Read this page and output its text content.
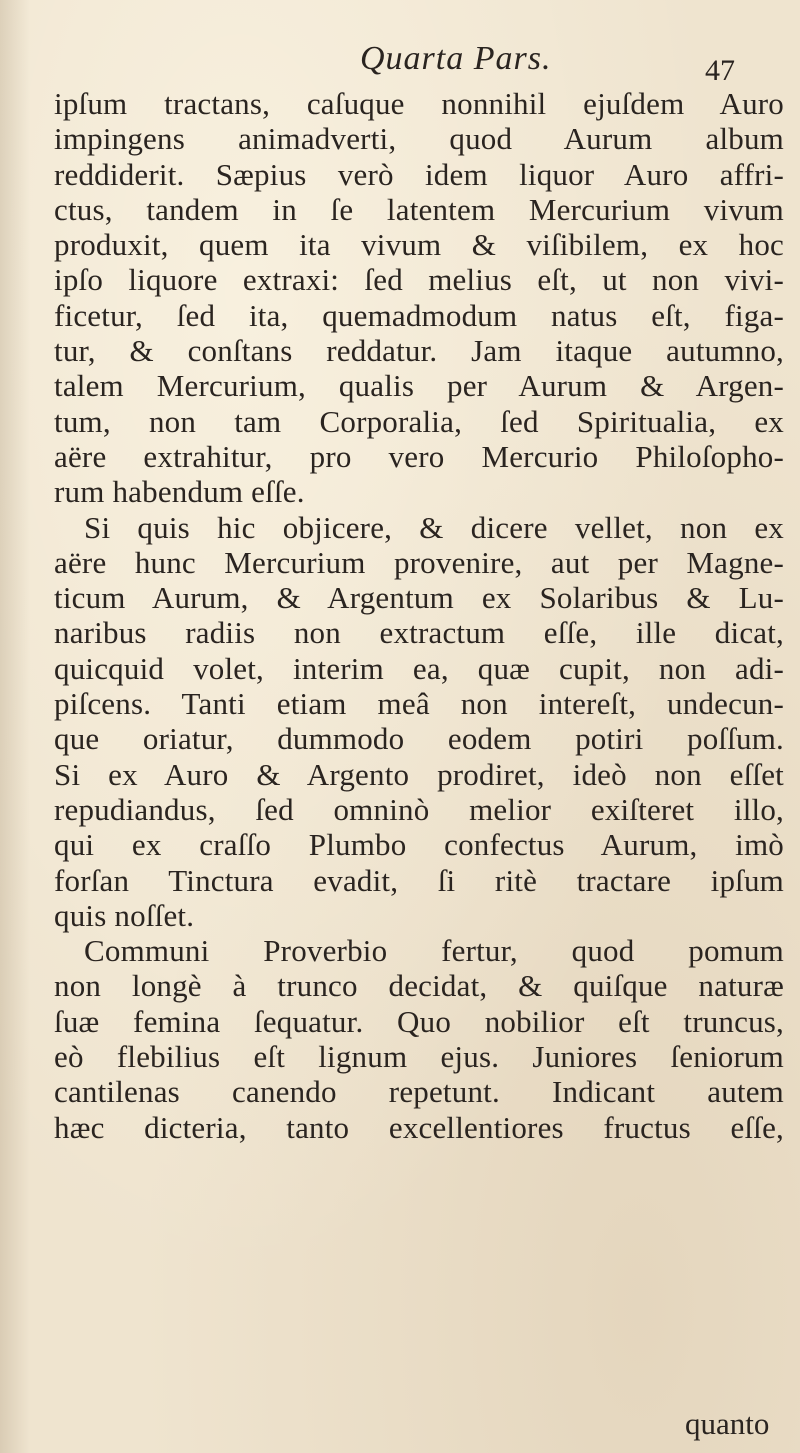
Quarta Pars.	47
ipſum tractans, caſuque nonnihil ejuſdem Auro
impingens animadverti, quod Aurum album
reddiderit. Sæpius verò idem liquor Auro affri-
ctus, tandem in ſe latentem Mercurium vivum
produxit, quem ita vivum & viſibilem, ex hoc
ipſo liquore extraxi: ſed melius eſt, ut non vivi-
ficetur, ſed ita, quemadmodum natus eſt, figa-
tur, & conſtans reddatur. Jam itaque autumno,
talem Mercurium, qualis per Aurum & Argen-
tum, non tam Corporalia, ſed Spiritualia, ex
aëre extrahitur, pro vero Mercurio Philoſopho-
rum habendum eſſe.
Si quis hic objicere, & dicere vellet, non ex
aëre hunc Mercurium provenire, aut per Magne-
ticum Aurum, & Argentum ex Solaribus & Lu-
naribus radiis non extractum eſſe, ille dicat,
quicquid volet, interim ea, quæ cupit, non adi-
piſcens. Tanti etiam meâ non intereſt, undecun-
que oriatur, dummodo eodem potiri poſſum.
Si ex Auro & Argento prodiret, ideò non eſſet
repudiandus, ſed omninò melior exiſteret illo,
qui ex craſſo Plumbo confectus Aurum, imò
forſan Tinctura evadit, ſi ritè tractare ipſum
quis noſſet.
Communi Proverbio fertur, quod pomum
non longè à trunco decidat, & quiſque naturæ
ſuæ femina ſequatur. Quo nobilior eſt truncus,
eò flebilius eſt lignum ejus. Juniores ſeniorum
cantilenas canendo repetunt. Indicant autem
hæc dicteria, tanto excellentiores fructus eſſe,
quanto
